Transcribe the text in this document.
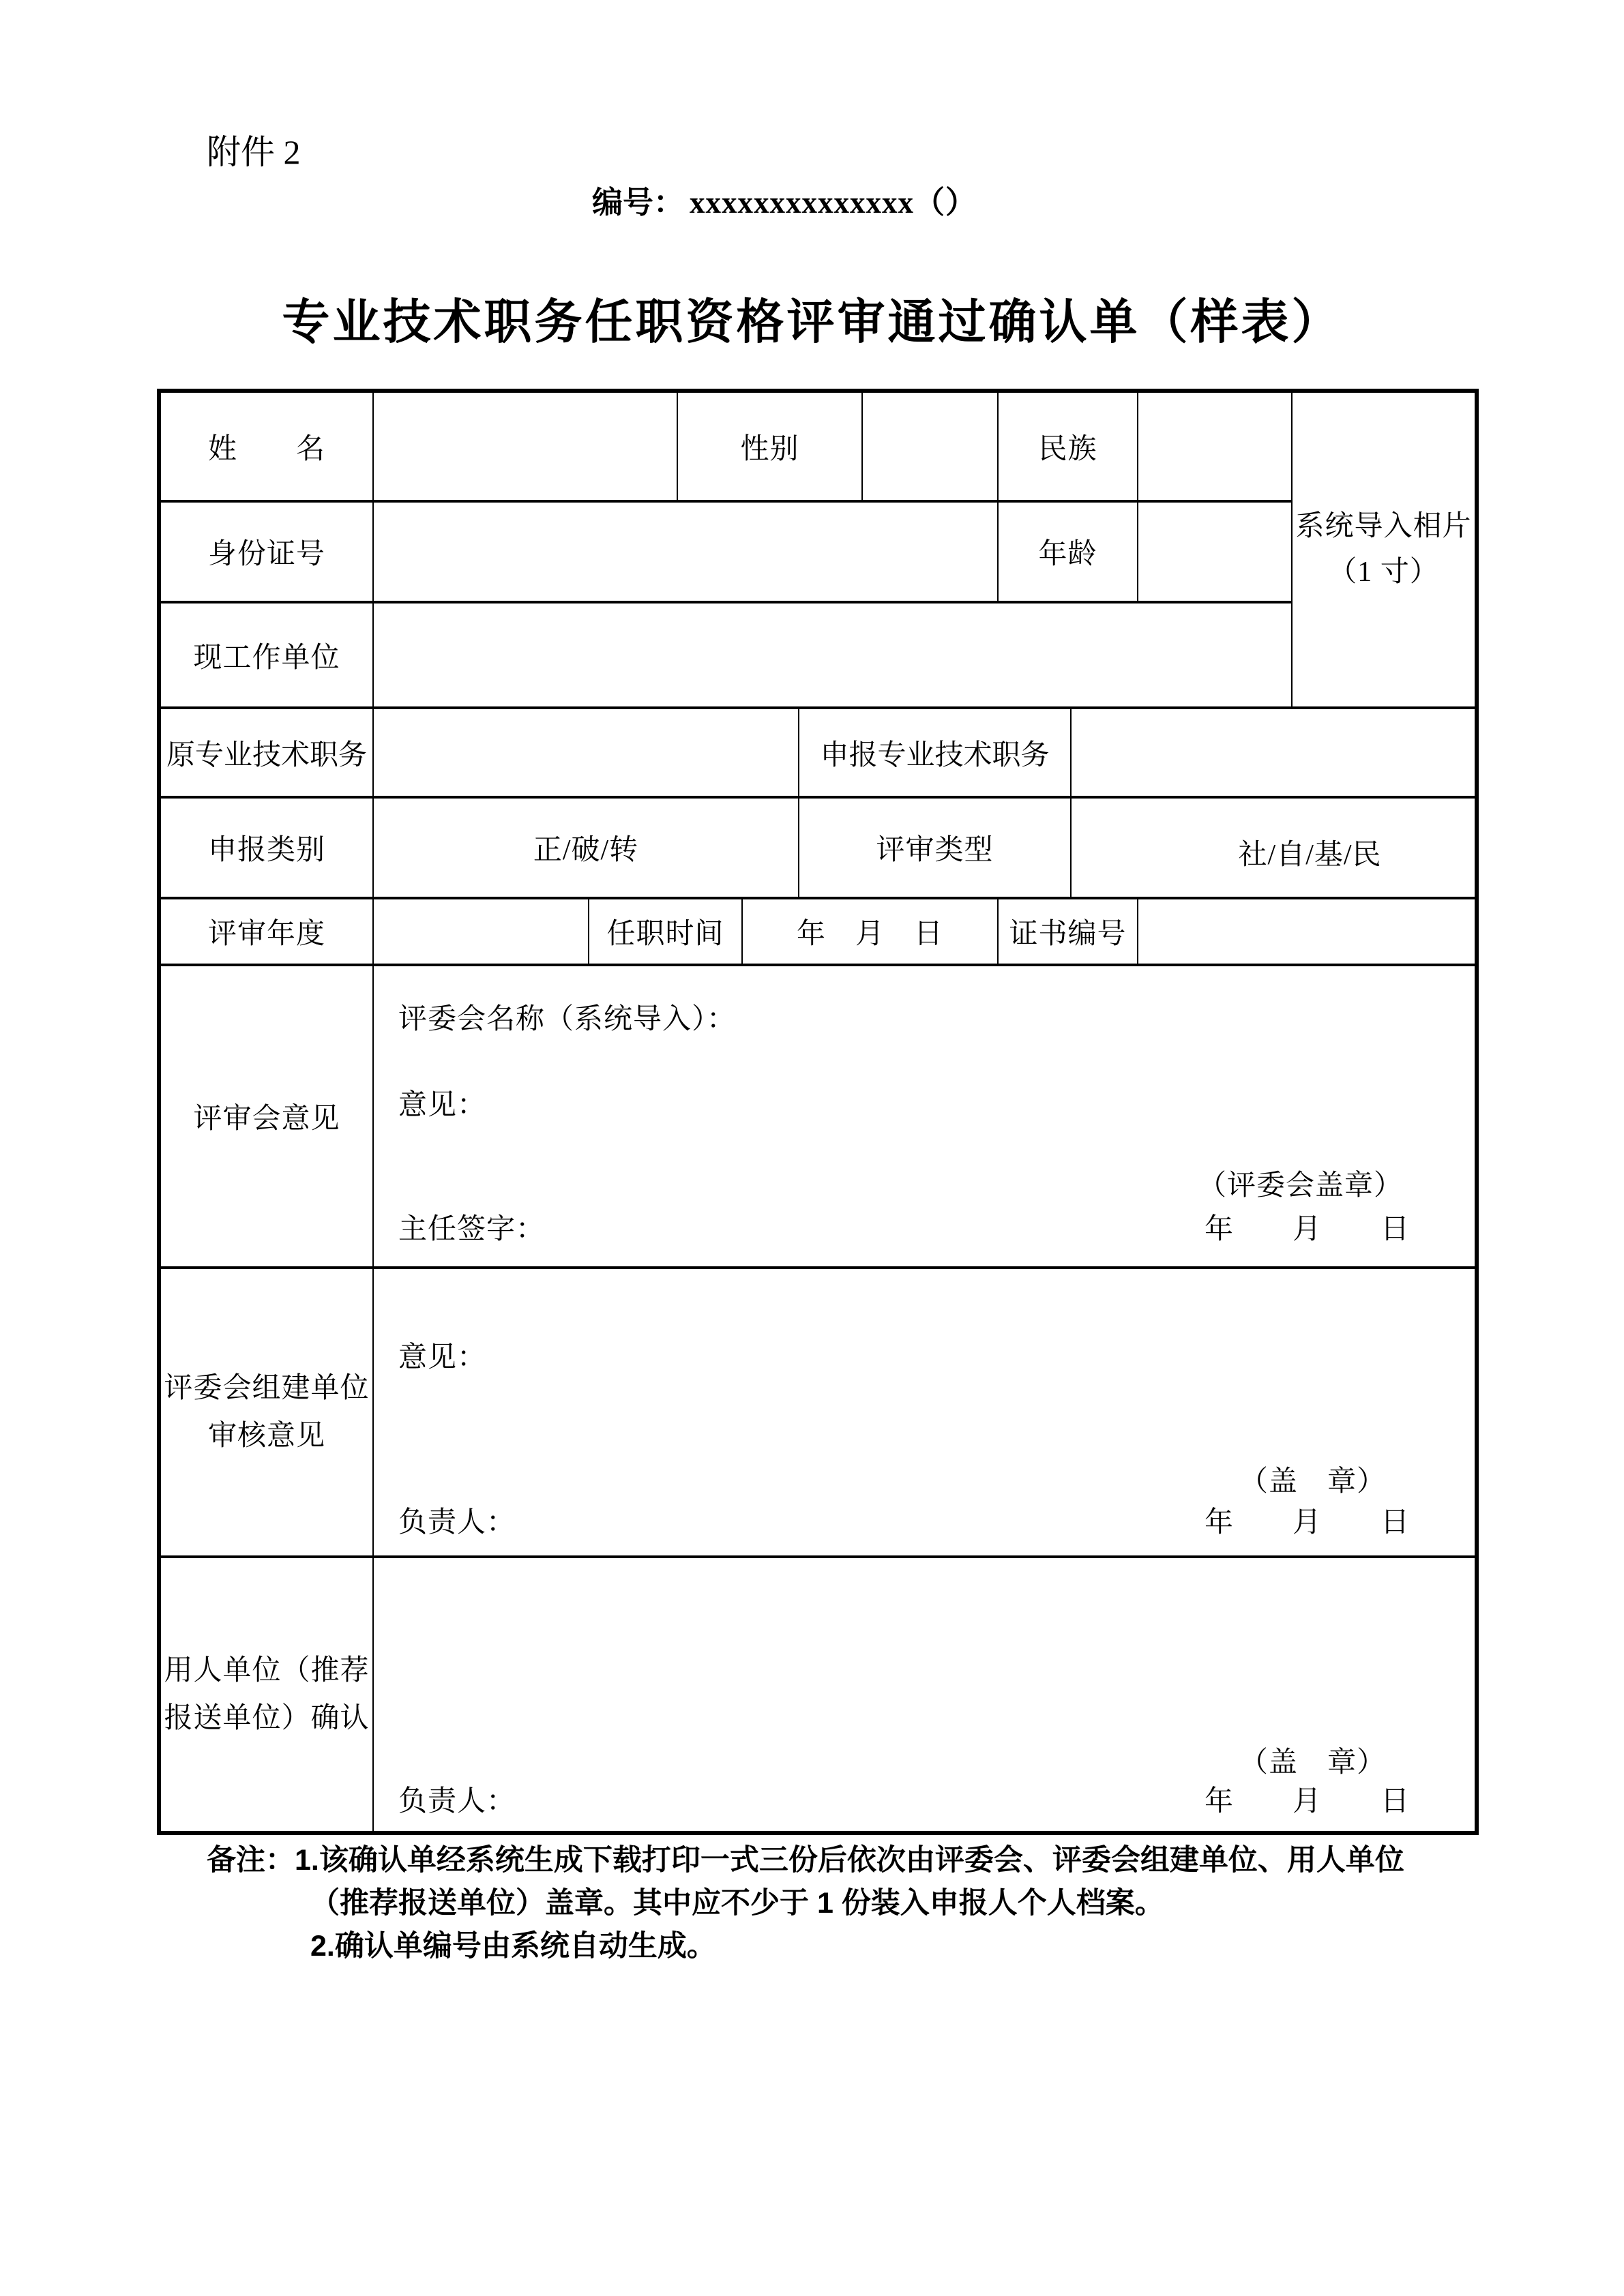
附件 2
编号： xxxxxxxxxxxxxx（）
专业技术职务任职资格评审通过确认单（样表）
姓　　名			性别				民族			系统导入相片
（1 寸）

身份证号							年龄			
现工作单位										
原专业技术职务					申报专业技术职务					
申报类别	正/破/转				评审类型			社/自/基/民		
评审年度		任职时间		年　月　日			证书编号			
评审会意见	评委会名称（系统导入）：
意见：
（评委会盖章）
主任签字： 年　　月　　日									

评委会组建单位
审核意见	意见：
（盖　章）
负责人： 年　　月　　日									

用人单位（推荐
报送单位）确认	（盖　章）
负责人： 年　　月　　日									
备注：1.该确认单经系统生成下载打印一式三份后依次由评委会、评委会组建单位、用人单位
（推荐报送单位）盖章。其中应不少于 1 份装入申报人个人档案。
2.确认单编号由系统自动生成。
